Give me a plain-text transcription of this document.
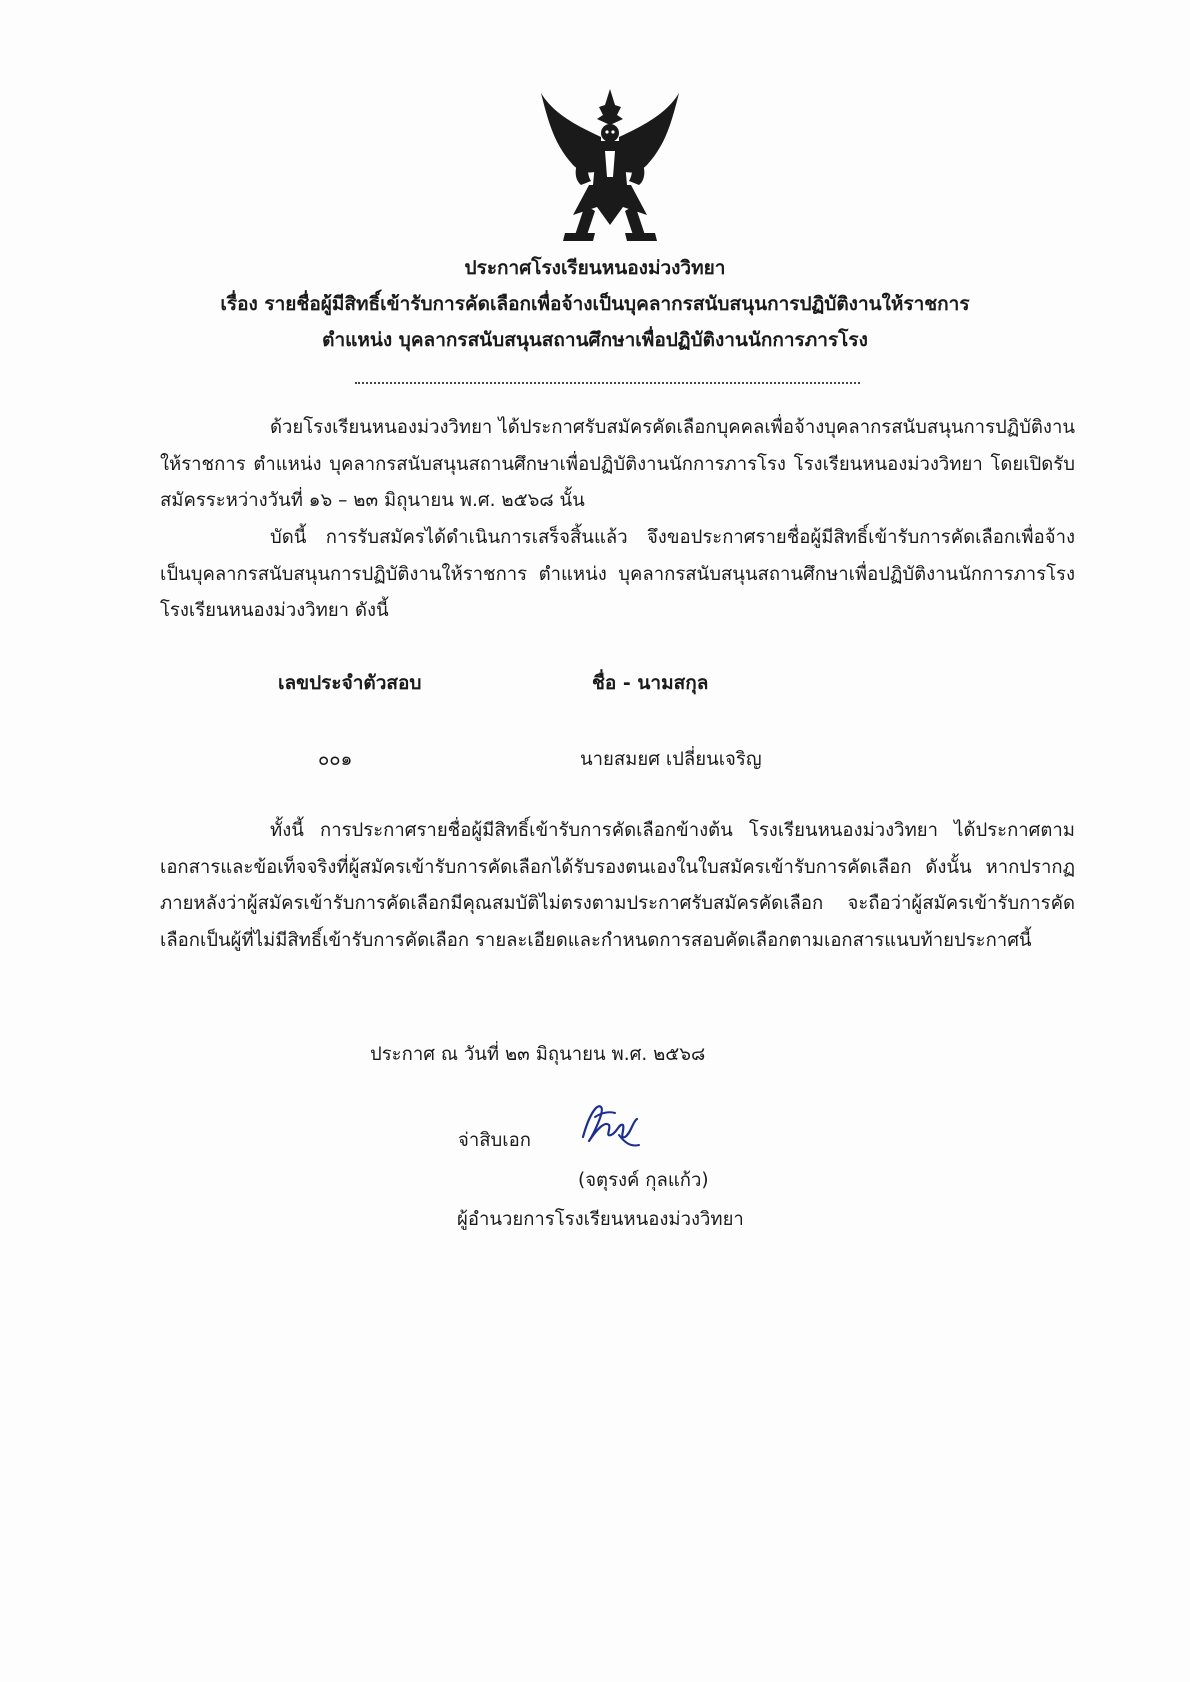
ประกาศโรงเรียนหนองม่วงวิทยา
เรื่อง รายชื่อผู้มีสิทธิ์เข้ารับการคัดเลือกเพื่อจ้างเป็นบุคลากรสนับสนุนการปฏิบัติงานให้ราชการ
ตำแหน่ง บุคลากรสนับสนุนสถานศึกษาเพื่อปฏิบัติงานนักการภารโรง
ด้วยโรงเรียนหนองม่วงวิทยา ได้ประกาศรับสมัครคัดเลือกบุคคลเพื่อจ้างบุคลากรสนับสนุนการปฏิบัติงานให้ราชการ ตำแหน่ง บุคลากรสนับสนุนสถานศึกษาเพื่อปฏิบัติงานนักการภารโรง โรงเรียนหนองม่วงวิทยา โดยเปิดรับสมัครระหว่างวันที่ ๑๖ – ๒๓ มิถุนายน พ.ศ. ๒๕๖๘ นั้น
บัดนี้ การรับสมัครได้ดำเนินการเสร็จสิ้นแล้ว จึงขอประกาศรายชื่อผู้มีสิทธิ์เข้ารับการคัดเลือกเพื่อจ้างเป็นบุคลากรสนับสนุนการปฏิบัติงานให้ราชการ ตำแหน่ง บุคลากรสนับสนุนสถานศึกษาเพื่อปฏิบัติงานนักการภารโรง โรงเรียนหนองม่วงวิทยา ดังนี้
เลขประจำตัวสอบ	ชื่อ - นามสกุล
๐๐๑	นายสมยศ เปลี่ยนเจริญ
ทั้งนี้ การประกาศรายชื่อผู้มีสิทธิ์เข้ารับการคัดเลือกข้างต้น โรงเรียนหนองม่วงวิทยา ได้ประกาศตามเอกสารและข้อเท็จจริงที่ผู้สมัครเข้ารับการคัดเลือกได้รับรองตนเองในใบสมัครเข้ารับการคัดเลือก ดังนั้น หากปรากฏภายหลังว่าผู้สมัครเข้ารับการคัดเลือกมีคุณสมบัติไม่ตรงตามประกาศรับสมัครคัดเลือก จะถือว่าผู้สมัครเข้ารับการคัดเลือกเป็นผู้ที่ไม่มีสิทธิ์เข้ารับการคัดเลือก รายละเอียดและกำหนดการสอบคัดเลือกตามเอกสารแนบท้ายประกาศนี้
ประกาศ ณ วันที่ ๒๓ มิถุนายน พ.ศ. ๒๕๖๘
จ่าสิบเอก
(จตุรงค์ กุลแก้ว)
ผู้อำนวยการโรงเรียนหนองม่วงวิทยา
